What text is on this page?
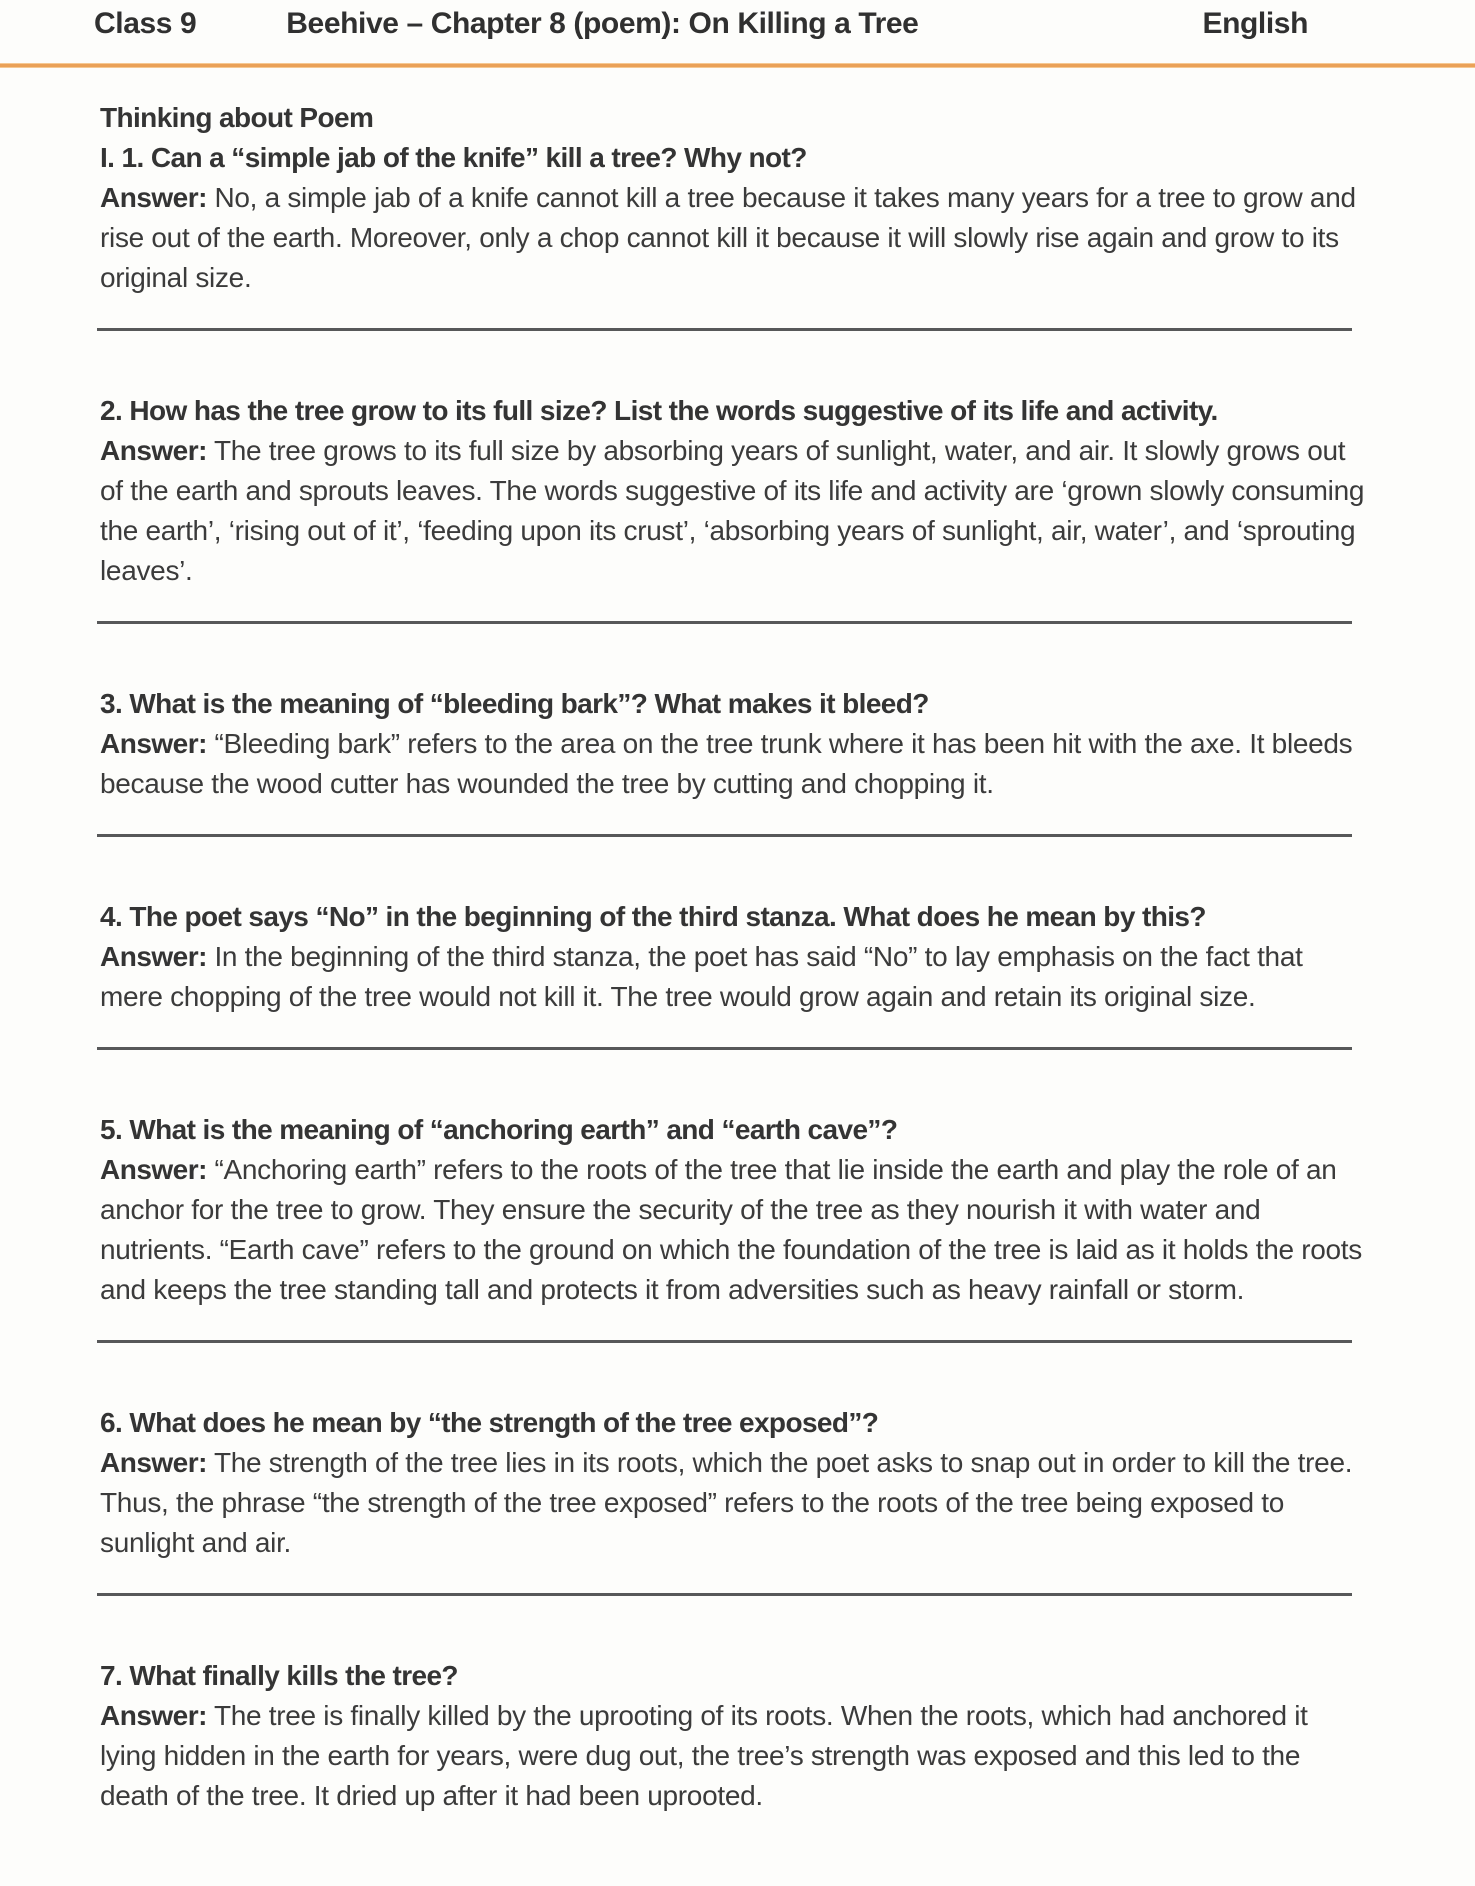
Class 9	Beehive – Chapter 8 (poem): On Killing a Tree	English

Thinking about Poem

I. 1. Can a “simple jab of the knife” kill a tree? Why not?

Answer: No, a simple jab of a knife cannot kill a tree because it takes many years for a tree to grow and rise out of the earth. Moreover, only a chop cannot kill it because it will slowly rise again and grow to its original size.

2. How has the tree grow to its full size? List the words suggestive of its life and activity.

Answer: The tree grows to its full size by absorbing years of sunlight, water, and air. It slowly grows out of the earth and sprouts leaves. The words suggestive of its life and activity are ‘grown slowly consuming the earth’, ‘rising out of it’, ‘feeding upon its crust’, ‘absorbing years of sunlight, air, water’, and ‘sprouting leaves’.

3. What is the meaning of “bleeding bark”? What makes it bleed?

Answer: “Bleeding bark” refers to the area on the tree trunk where it has been hit with the axe. It bleeds because the wood cutter has wounded the tree by cutting and chopping it.

4. The poet says “No” in the beginning of the third stanza. What does he mean by this?

Answer: In the beginning of the third stanza, the poet has said “No” to lay emphasis on the fact that mere chopping of the tree would not kill it. The tree would grow again and retain its original size.

5. What is the meaning of “anchoring earth” and “earth cave”?

Answer: “Anchoring earth” refers to the roots of the tree that lie inside the earth and play the role of an anchor for the tree to grow. They ensure the security of the tree as they nourish it with water and nutrients. “Earth cave” refers to the ground on which the foundation of the tree is laid as it holds the roots and keeps the tree standing tall and protects it from adversities such as heavy rainfall or storm.

6. What does he mean by “the strength of the tree exposed”?

Answer: The strength of the tree lies in its roots, which the poet asks to snap out in order to kill the tree. Thus, the phrase “the strength of the tree exposed” refers to the roots of the tree being exposed to sunlight and air.

7. What finally kills the tree?

Answer: The tree is finally killed by the uprooting of its roots. When the roots, which had anchored it lying hidden in the earth for years, were dug out, the tree’s strength was exposed and this led to the death of the tree. It dried up after it had been uprooted.
